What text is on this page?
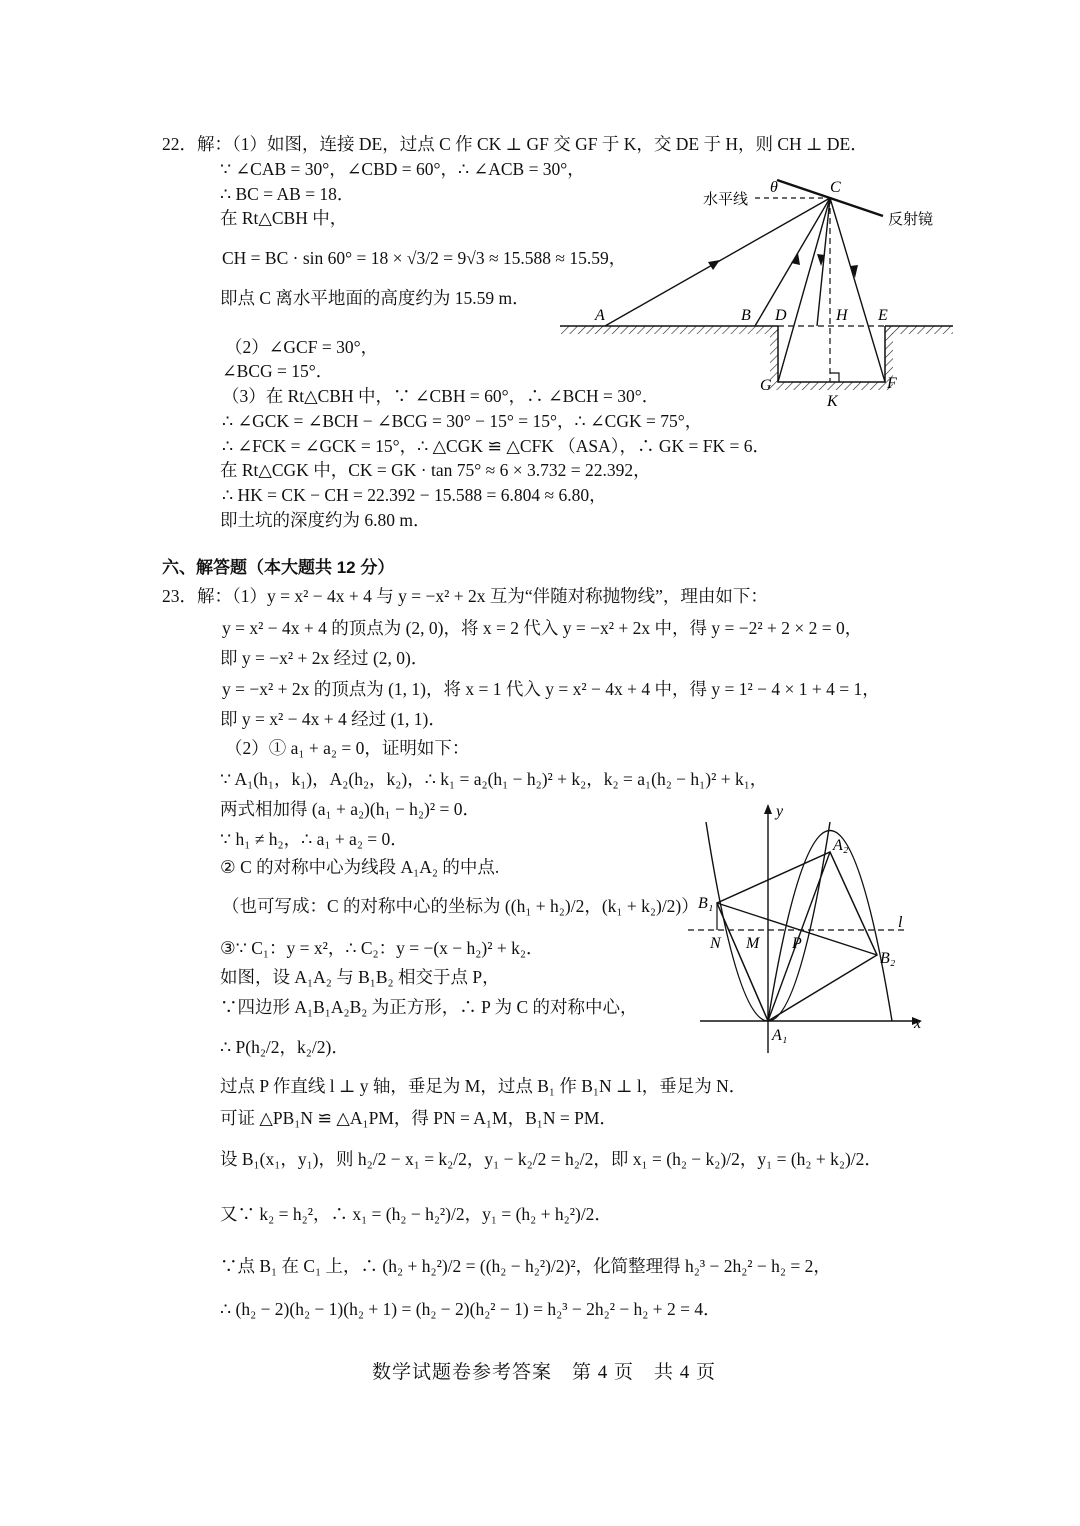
22．解：（1）如图，连接 DE，过点 C 作 CK ⊥ GF 交 GF 于 K，交 DE 于 H，则 CH ⊥ DE．
∵ ∠CAB = 30°，∠CBD = 60°，∴ ∠ACB = 30°，
∴ BC = AB = 18．
在 Rt△CBH 中，
CH = BC · sin 60° = 18 × √3/2 = 9√3 ≈ 15.588 ≈ 15.59，
即点 C 离水平地面的高度约为 15.59 m．
（2）∠GCF = 30°，
∠BCG = 15°．
（3）在 Rt△CBH 中，∵ ∠CBH = 60°，∴ ∠BCH = 30°．
∴ ∠GCK = ∠BCH − ∠BCG = 30° − 15° = 15°，∴ ∠CGK = 75°，
∴ ∠FCK = ∠GCK = 15°，∴ △CGK ≌ △CFK （ASA），∴ GK = FK = 6．
在 Rt△CGK 中，CK = GK · tan 75° ≈ 6 × 3.732 = 22.392，
∴ HK = CK − CH = 22.392 − 15.588 = 6.804 ≈ 6.80，
即土坑的深度约为 6.80 m．
θ	C
水平线
反射镜
A	B D	H E
G	F
K
六、解答题（本大题共 12 分）
23．解：（1）y = x² − 4x + 4 与 y = −x² + 2x 互为“伴随对称抛物线”，理由如下：
y = x² − 4x + 4 的顶点为 (2, 0)，将 x = 2 代入 y = −x² + 2x 中，得 y = −2² + 2 × 2 = 0，
即 y = −x² + 2x 经过 (2, 0)．
y = −x² + 2x 的顶点为 (1, 1)，将 x = 1 代入 y = x² − 4x + 4 中，得 y = 1² − 4 × 1 + 4 = 1，
即 y = x² − 4x + 4 经过 (1, 1)．
（2）① a₁ + a₂ = 0，证明如下：
∵ A₁(h₁，k₁)，A₂(h₂，k₂)，∴ k₁ = a₂(h₁ − h₂)² + k₂，k₂ = a₁(h₂ − h₁)² + k₁，
两式相加得 (a₁ + a₂)(h₁ − h₂)² = 0．
∵ h₁ ≠ h₂，∴ a₁ + a₂ = 0．
② C 的对称中心为线段 A₁A₂ 的中点.
（也可写成：C 的对称中心的坐标为 ((h₁ + h₂)/2，(k₁ + k₂)/2)）
③∵ C₁：y = x²，∴ C₂：y = −(x − h₂)² + k₂．
如图，设 A₁A₂ 与 B₁B₂ 相交于点 P，
∵四边形 A₁B₁A₂B₂ 为正方形，∴ P 为 C 的对称中心，
∴ P(h₂/2，k₂/2)．
过点 P 作直线 l ⊥ y 轴，垂足为 M，过点 B₁ 作 B₁N ⊥ l，垂足为 N．
可证 △PB₁N ≌ △A₁PM，得 PN = A₁M，B₁N = PM．
设 B₁(x₁，y₁)，则 h₂/2 − x₁ = k₂/2，y₁ − k₂/2 = h₂/2，即 x₁ = (h₂ − k₂)/2，y₁ = (h₂ + k₂)/2．
又∵ k₂ = h₂²，∴ x₁ = (h₂ − h₂²)/2，y₁ = (h₂ + h₂²)/2．
∵点 B₁ 在 C₁ 上，∴ (h₂ + h₂²)/2 = ((h₂ − h₂²)/2)²，化简整理得 h₂³ − 2h₂² − h₂ = 2，
∴ (h₂ − 2)(h₂ − 1)(h₂ + 1) = (h₂ − 2)(h₂² − 1) = h₂³ − 2h₂² − h₂ + 2 = 4．
y
x
A₂
B₁
B₂
A₁
N M P
l
数学试题卷参考答案　第 4 页　共 4 页
